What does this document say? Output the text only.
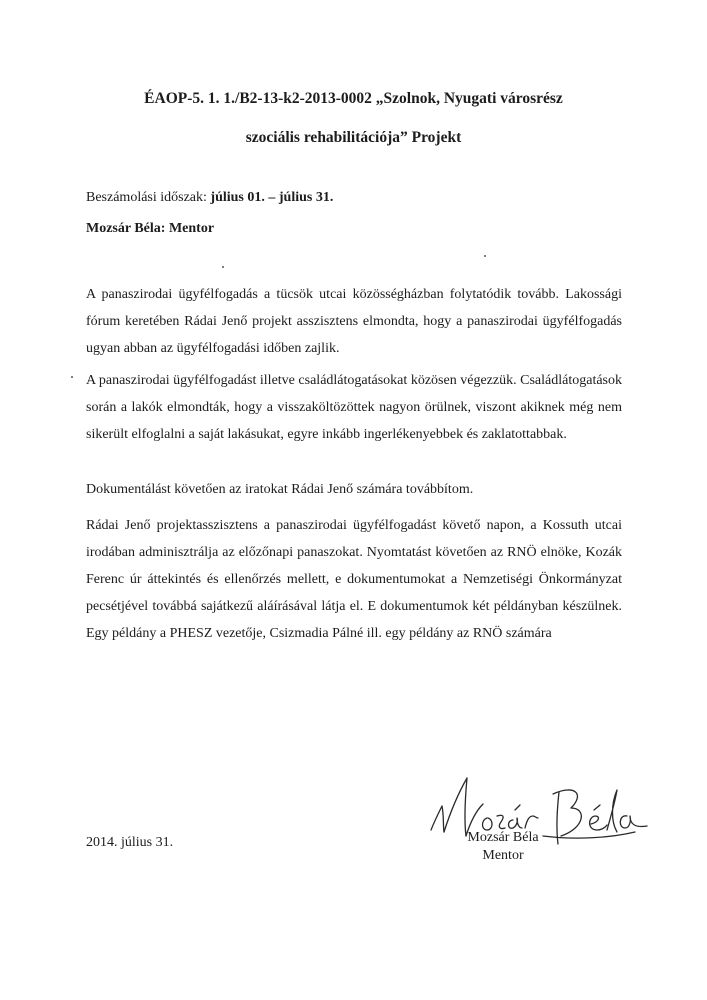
ÉAOP-5. 1. 1./B2-13-k2-2013-0002 „Szolnok, Nyugati városrész
szociális rehabilitációja” Projekt
Beszámolási időszak: július 01. – július 31.
Mozsár Béla: Mentor

A panaszirodai ügyfélfogadás a tücsök utcai közösségházban folytatódik tovább. Lakossági fórum keretében Rádai Jenő projekt asszisztens elmondta, hogy a panaszirodai ügyfélfogadás ugyan abban az ügyfélfogadási időben zajlik.

A panaszirodai ügyfélfogadást illetve családlátogatásokat közösen végezzük. Családlátogatások során a lakók elmondták, hogy a visszaköltözöttek nagyon örülnek, viszont akiknek még nem sikerült elfoglalni a saját lakásukat, egyre inkább ingerlékenyebbek és zaklatottabbak.

Dokumentálást követően az iratokat Rádai Jenő számára továbbítom.

Rádai Jenő projektasszisztens a panaszirodai ügyfélfogadást követő napon, a Kossuth utcai irodában adminisztrálja az előzőnapi panaszokat. Nyomtatást követően az RNÖ elnöke, Kozák Ferenc úr áttekintés és ellenőrzés mellett, e dokumentumokat a Nemzetiségi Önkormányzat pecsétjével továbbá sajátkezű aláírásával látja el. E dokumentumok két példányban készülnek. Egy példány a PHESZ vezetője, Csizmadia Pálné ill. egy példány az RNÖ számára

2014. július 31.	Mozsár Béla
Mentor
